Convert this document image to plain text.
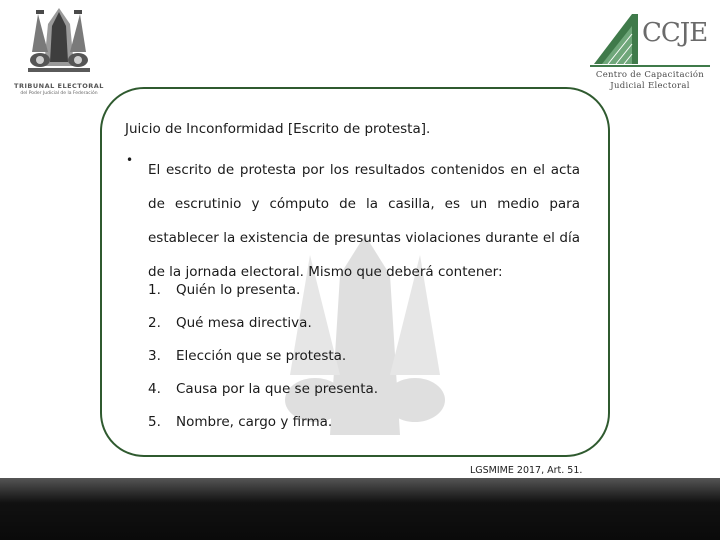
TRIBUNAL ELECTORAL
del Poder Judicial de la Federación
CCJE
Centro de Capacitación
Judicial Electoral
Juicio de Inconformidad [Escrito de protesta].
•

El escrito de protesta por los resultados contenidos en el acta de escrutinio y cómputo de la casilla, es un medio para establecer la existencia de presuntas violaciones durante el día de la jornada electoral. Mismo que deberá contener:

1. Quién lo presenta.
2. Qué mesa directiva.
3. Elección que se protesta.
4. Causa por la que se presenta.
5. Nombre, cargo y firma.
LGSMIME 2017, Art. 51.
